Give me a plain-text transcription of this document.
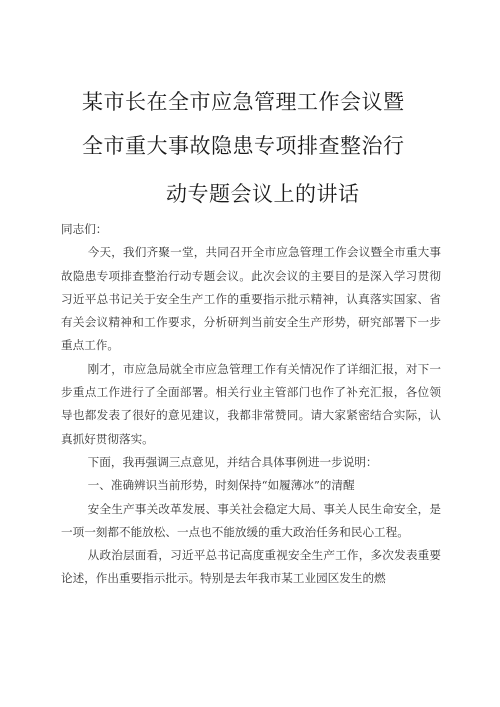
某市长在全市应急管理工作会议暨
全市重大事故隐患专项排查整治行
动专题会议上的讲话

同志们：

今天，我们齐聚一堂，共同召开全市应急管理工作会议暨全市重大事故隐患专项排查整治行动专题会议。此次会议的主要目的是深入学习贯彻习近平总书记关于安全生产工作的重要指示批示精神，认真落实国家、省有关会议精神和工作要求，分析研判当前安全生产形势，研究部署下一步重点工作。

刚才，市应急局就全市应急管理工作有关情况作了详细汇报，对下一步重点工作进行了全面部署。相关行业主管部门也作了补充汇报，各位领导也都发表了很好的意见建议，我都非常赞同。请大家紧密结合实际，认真抓好贯彻落实。

下面，我再强调三点意见，并结合具体事例进一步说明：

一、准确辨识当前形势，时刻保持“如履薄冰”的清醒

安全生产事关改革发展、事关社会稳定大局、事关人民生命安全，是一项一刻都不能放松、一点也不能放缓的重大政治任务和民心工程。

从政治层面看，习近平总书记高度重视安全生产工作，多次发表重要论述，作出重要指示批示。特别是去年我市某工业园区发生的燃
